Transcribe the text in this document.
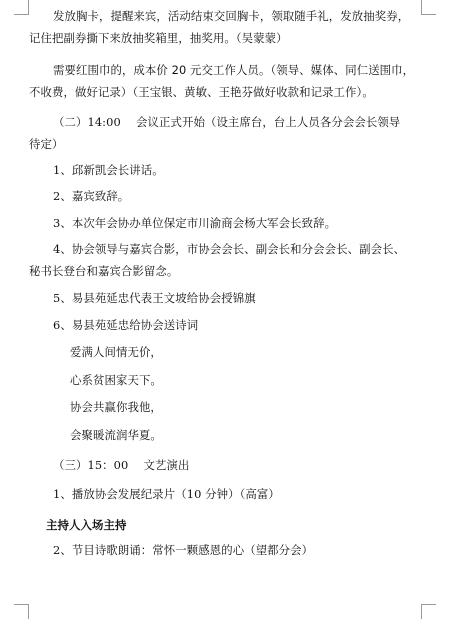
发放胸卡，提醒来宾，活动结束交回胸卡，领取随手礼，发放抽奖券，
记住把副券撕下来放抽奖箱里，抽奖用。（吴蒙蒙）
需要红围巾的，成本价 20 元交工作人员。（领导、媒体、同仁送围巾，
不收费，做好记录）（王宝银、黄敏、王艳芬做好收款和记录工作）。
（二）14:00　 会议正式开始（设主席台，台上人员各分会会长领导
待定）
1、邱新凯会长讲话。
2、嘉宾致辞。
3、本次年会协办单位保定市川渝商会杨大军会长致辞。
4、协会领导与嘉宾合影，市协会会长、副会长和分会会长、副会长、
秘书长登台和嘉宾合影留念。
5、易县苑延忠代表王文坡给协会授锦旗
6、易县苑延忠给协会送诗词
爱满人间情无价，
心系贫困家天下。
协会共赢你我他，
会聚暖流润华夏。
（三）15：00　 文艺演出
1、播放协会发展纪录片（10 分钟）（高富）
主持人入场主持
2、节目诗歌朗诵：常怀一颗感恩的心（望都分会）
